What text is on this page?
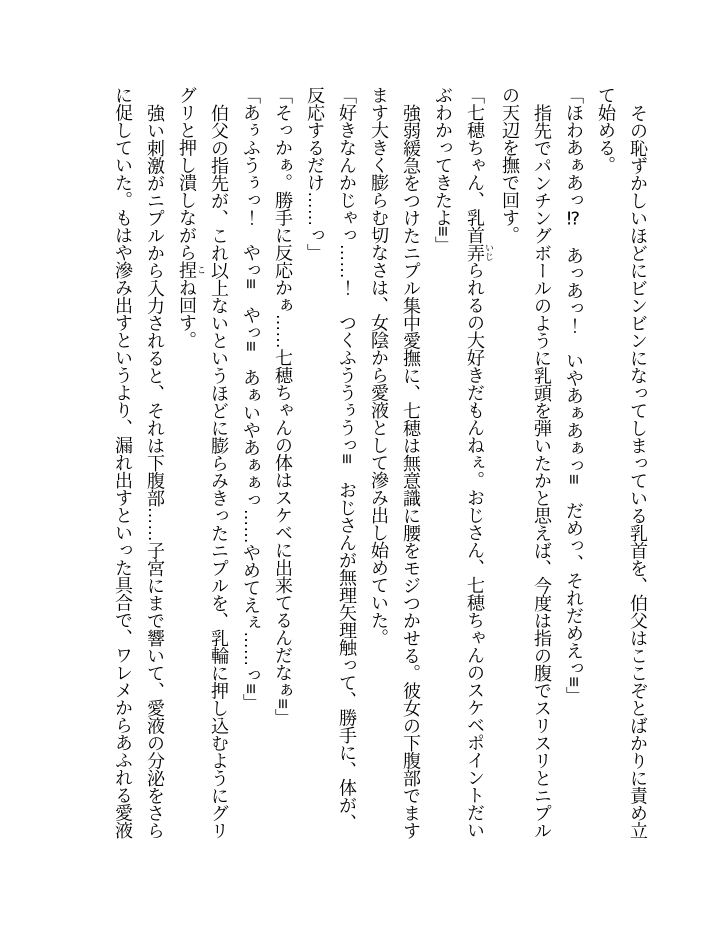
その恥ずかしいほどにビンビンになってしまっている乳首を、伯父はここぞとばかりに責め立て始める。

「ほわあぁあっ⁉　あっあっ！　いやあぁあぁっ≡　だめっ、それだめえっ≡」

指先でパンチングボールのように乳頭を弾いたかと思えば、今度は指の腹でスリスリとニプルの天辺を撫で回す。

「七穂ちゃん、乳首弄 いじられるの大好きだもんねぇ。おじさん、七穂ちゃんのスケベポイントだいぶわかってきたよ≡」

強弱緩急をつけたニプル集中愛撫に、七穂は無意識に腰をモジつかせる。彼女の下腹部でますます大きく膨らむ切なさは、女陰から愛液として滲み出し始めていた。

「好きなんかじゃっ……！　つくふううぅうっ≡　おじさんが無理矢理触って、勝手に、体が、反応するだけ……っ」

「そっかぁ。勝手に反応かぁ……七穂ちゃんの体はスケベに出来てるんだなぁ≡」

「あぅふうぅっ！　やっ≡　やっ≡　あぁいやあぁぁっ……やめてえぇ……っ≡」

伯父の指先が、これ以上ないというほどに膨らみきったニプルを、乳輪に押し込むようにグリグリと押し潰しながら捏 こね回す。

強い刺激がニプルから入力されると、それは下腹部……子宮にまで響いて、愛液の分泌をさらに促していた。もはや滲み出すというより、漏れ出すといった具合で、ワレメからあふれる愛液
